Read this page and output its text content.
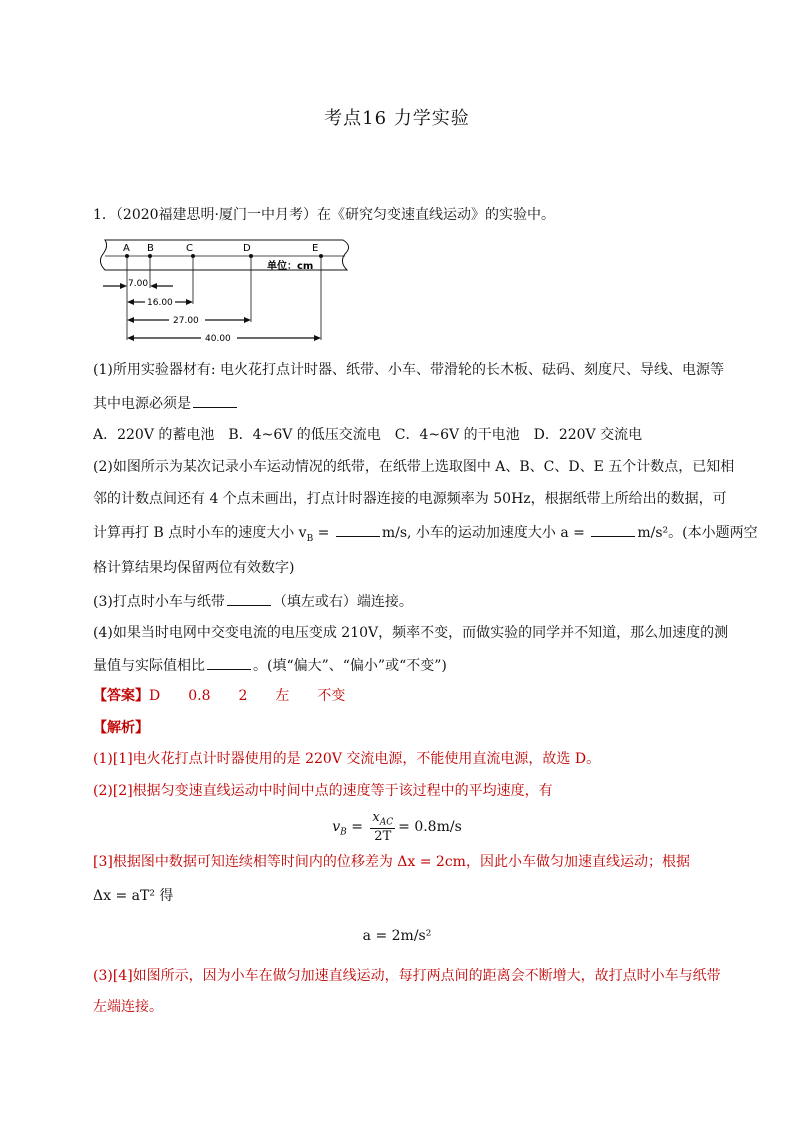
考点16 力学实验
1．（2020福建思明·厦门一中月考）在《研究匀变速直线运动》的实验中。
A B	C	D	E
单位：cm
7.00
16.00
27.00
40.00
(1)所用实验器材有: 电火花打点计时器、纸带、小车、带滑轮的长木板、砝码、刻度尺、导线、电源等
其中电源必须是
A．220V 的蓄电池　B．4~6V 的低压交流电　C．4~6V 的干电池　D．220V 交流电
(2)如图所示为某次记录小车运动情况的纸带，在纸带上选取图中 A、B、C、D、E 五个计数点，已知相
邻的计数点间还有 4 个点未画出，打点计时器连接的电源频率为 50Hz，根据纸带上所给出的数据，可
计算再打 B 点时小车的速度大小 $v_B$ =	m/s, 小车的运动加速度大小 a =	m/s²。(本小题两空
格计算结果均保留两位有效数字)
(3)打点时小车与纸带	（填左或右）端连接。
(4)如果当时电网中交变电流的电压变成 210V，频率不变，而做实验的同学并不知道，那么加速度的测
量值与实际值相比	。(填“偏大”、“偏小”或“不变”)
【答案】D　　0.8　　2　　左　　不变
【解析】
(1)[1]电火花打点计时器使用的是 220V 交流电源，不能使用直流电源，故选 D。
(2)[2]根据匀变速直线运动中时间中点的速度等于该过程中的平均速度，有
$v_B = \frac{x_{AC}}{2T} = 0.8m/s$
[3]根据图中数据可知连续相等时间内的位移差为 Δx = 2cm，因此小车做匀加速直线运动；根据
Δx = aT² 得
a = 2m/s²
(3)[4]如图所示，因为小车在做匀加速直线运动，每打两点间的距离会不断增大，故打点时小车与纸带
左端连接。
